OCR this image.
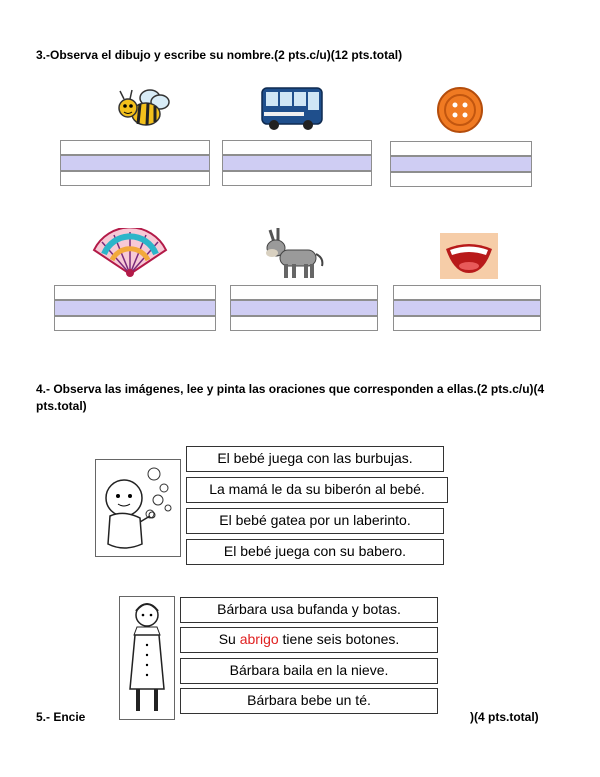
3.-Observa el dibujo y escribe su nombre.(2 pts.c/u)(12 pts.total)
4.- Observa las imágenes, lee y pinta las oraciones que corresponden a ellas.(2 pts.c/u)(4
pts.total)
El bebé juega con las burbujas.
La mamá le da su biberón al bebé.
El bebé gatea por un laberinto.
El bebé juega con su babero.
Bárbara usa bufanda y botas.
Su abrigo tiene seis botones.
Bárbara baila en la nieve.
Bárbara bebe un té.
5.- Encie	)(4 pts.total)
